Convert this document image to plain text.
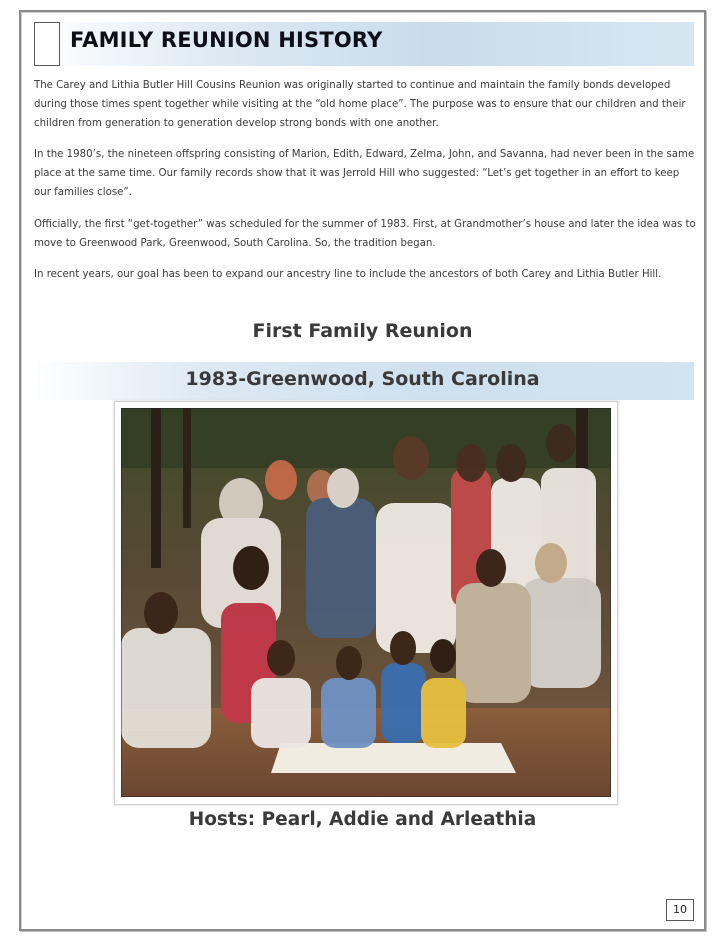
FAMILY REUNION HISTORY

The Carey and Lithia Butler Hill Cousins Reunion was originally started to continue and maintain the family bonds developed during those times spent together while visiting at the “old home place”. The purpose was to ensure that our children and their children from generation to generation develop strong bonds with one another.

In the 1980’s, the nineteen offspring consisting of Marion, Edith, Edward, Zelma, John, and Savanna, had never been in the same place at the same time. Our family records show that it was Jerrold Hill who suggested: “Let’s get together in an effort to keep our families close”.

Officially, the first “get-together” was scheduled for the summer of 1983. First, at Grandmother’s house and later the idea was to move to Greenwood Park, Greenwood, South Carolina. So, the tradition began.

In recent years, our goal has been to expand our ancestry line to include the ancestors of both Carey and Lithia Butler Hill.

First Family Reunion
1983-Greenwood, South Carolina
Hosts: Pearl, Addie and Arleathia
10
